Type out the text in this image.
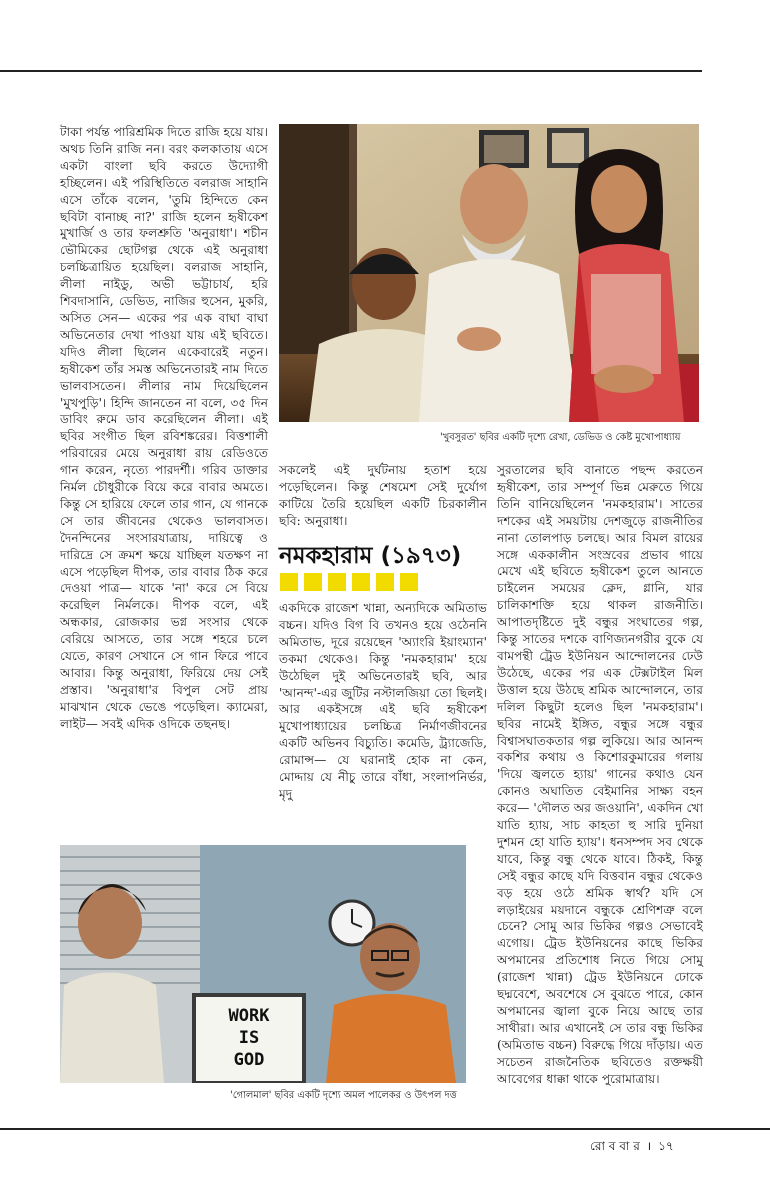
টাকা পর্যন্ত পারিশ্রমিক দিতে রাজি হয়ে যায়। অথচ তিনি রাজি নন। বরং কলকাতায় এসে একটা বাংলা ছবি করতে উদ্যোগী হচ্ছিলেন। এই পরিস্থিতিতে বলরাজ সাহানি এসে তাঁকে বলেন, 'তুমি হিন্দিতে কেন ছবিটা বানাচ্ছ না?' রাজি হলেন হৃষীকেশ মুখার্জি ও তার ফলশ্রুতি 'অনুরাধা'। শচীন ভৌমিকের ছোটগল্প থেকে এই অনুরাধা চলচ্চিত্রায়িত হয়েছিল। বলরাজ সাহানি, লীলা নাইডু, অভী ভট্টাচার্য, হরি শিবদাসানি, ডেভিড, নাজির হুসেন, মুকরি, অসিত সেন— একের পর এক বাঘা বাঘা অভিনেতার দেখা পাওয়া যায় এই ছবিতে। যদিও লীলা ছিলেন একেবারেই নতুন। হৃষীকেশ তাঁর সমস্ত অভিনেতারই নাম দিতে ভালবাসতেন। লীলার নাম দিয়েছিলেন 'মুখপুড়ি'। হিন্দি জানতেন না বলে, ৩৫ দিন ডাবিং রুমে ডাব করেছিলেন লীলা। এই ছবির সংগীত ছিল রবিশঙ্করের। বিত্তশালী পরিবারের মেয়ে অনুরাধা রায় রেডিওতে গান করেন, নৃত্যে পারদর্শী। গরিব ডাক্তার নির্মল চৌধুরীকে বিয়ে করে বাবার অমতে। কিন্তু সে হারিয়ে ফেলে তার গান, যে গানকে সে তার জীবনের থেকেও ভালবাসত। দৈনন্দিনের সংসারযাত্রায়, দায়িত্বে ও দারিদ্রে সে ক্রমশ ক্ষয়ে যাচ্ছিল যতক্ষণ না এসে পড়েছিল দীপক, তার বাবার ঠিক করে দেওয়া পাত্র— যাকে 'না' করে সে বিয়ে করেছিল নির্মলকে। দীপক বলে, এই অন্ধকার, রোজকার ভগ্ন সংসার থেকে বেরিয়ে আসতে, তার সঙ্গে শহরে চলে যেতে, কারণ সেখানে সে গান ফিরে পাবে আবার। কিন্তু অনুরাধা, ফিরিয়ে দেয় সেই প্রস্তাব। 'অনুরাধা'র বিপুল সেট প্রায় মাঝখান থেকে ভেঙে পড়েছিল। ক্যামেরা, লাইট— সবই এদিক ওদিকে তছনছ।

'খুবসুরত' ছবির একটি দৃশ্যে রেখা, ডেভিড ও কেষ্ট মুখোপাধ্যায়

সকলেই এই দুর্ঘটনায় হতাশ হয়ে পড়েছিলেন। কিন্তু শেষমেশ সেই দুর্যোগ কাটিয়ে তৈরি হয়েছিল একটি চিরকালীন ছবি: অনুরাধা।

নমকহারাম (১৯৭৩)

একদিকে রাজেশ খান্না, অন্যদিকে অমিতাভ বচ্চন। যদিও বিগ বি তখনও হয়ে ওঠেননি অমিতাভ, দূরে রয়েছেন 'অ্যাংরি ইয়াংম্যান' তকমা থেকেও। কিন্তু 'নমকহারাম' হয়ে উঠেছিল দুই অভিনেতারই ছবি, আর 'আনন্দ'-এর জুটির নস্টালজিয়া তো ছিলই। আর একইসঙ্গে এই ছবি হৃষীকেশ মুখোপাধ্যায়ের চলচ্চিত্র নির্মাণজীবনের একটি অভিনব বিচ্যুতি। কমেডি, ট্র্যাজেডি, রোমান্স— যে ঘরানাই হোক না কেন, মোদ্দায় যে নীচু তারে বাঁধা, সংলাপনির্ভর, মৃদু

সুরতালের ছবি বানাতে পছন্দ করতেন হৃষীকেশ, তার সম্পূর্ণ ভিন্ন মেরুতে গিয়ে তিনি বানিয়েছিলেন 'নমকহারাম'। সাতের দশকের এই সময়টায় দেশজুড়ে রাজনীতির নানা তোলপাড় চলছে। আর বিমল রায়ের সঙ্গে এককালীন সংস্রবের প্রভাব গায়ে মেখে এই ছবিতে হৃষীকেশ তুলে আনতে চাইলেন সময়ের ক্লেদ, গ্লানি, যার চালিকাশক্তি হয়ে থাকল রাজনীতি। আপাতদৃষ্টিতে দুই বন্ধুর সংঘাতের গল্প, কিন্তু সাতের দশকে বাণিজ্যনগরীর বুকে যে বামপন্থী ট্রেড ইউনিয়ন আন্দোলনের ঢেউ উঠেছে, একের পর এক টেক্সটাইল মিল উত্তাল হয়ে উঠছে শ্রমিক আন্দোলনে, তার দলিল কিছুটা হলেও ছিল 'নমকহারাম'। ছবির নামেই ইঙ্গিত, বন্ধুর সঙ্গে বন্ধুর বিশ্বাসঘাতকতার গল্প লুকিয়ে। আর আনন্দ বকশির কথায় ও কিশোরকুমারের গলায় 'দিয়ে জ্বলতে হ্যায়' গানের কথাও যেন কোনও অঘাতিত বেইমানির সাক্ষ্য বহন করে— 'দৌলত অর জওয়ানি', একদিন খো যাতি হ্যায়, সাচ কাহতা হু সারি দুনিয়া দুশমন হো যাতি হ্যায়'। ধনসম্পদ সব থেকে যাবে, কিন্তু বন্ধু থেকে যাবে। ঠিকই, কিন্তু সেই বন্ধুর কাছে যদি বিত্তবান বন্ধুর থেকেও বড় হয়ে ওঠে শ্রমিক স্বার্থ? যদি সে লড়াইয়ের ময়দানে বন্ধুকে শ্রেণিশত্রু বলে চেনে? সোমু আর ভিকির গল্পও সেভাবেই এগোয়। ট্রেড ইউনিয়নের কাছে ভিকির অপমানের প্রতিশোধ নিতে গিয়ে সোমু (রাজেশ খান্না) ট্রেড ইউনিয়নে ঢোকে ছদ্মবেশে, অবশেষে সে বুঝতে পারে, কোন অপমানের জ্বালা বুকে নিয়ে আছে তার সাথীরা। আর এখানেই সে তার বন্ধু ভিকির (অমিতাভ বচ্চন) বিরুদ্ধে গিয়ে দাঁড়ায়। এত সচেতন রাজনৈতিক ছবিতেও রক্তক্ষয়ী আবেগের ধাক্কা থাকে পুরোমাত্রায়।

WORK
IS
GOD
'গোলমাল' ছবির একটি দৃশ্যে অমল পালেকর ও উৎপল দত্ত
রো ব বা র । ১৭
